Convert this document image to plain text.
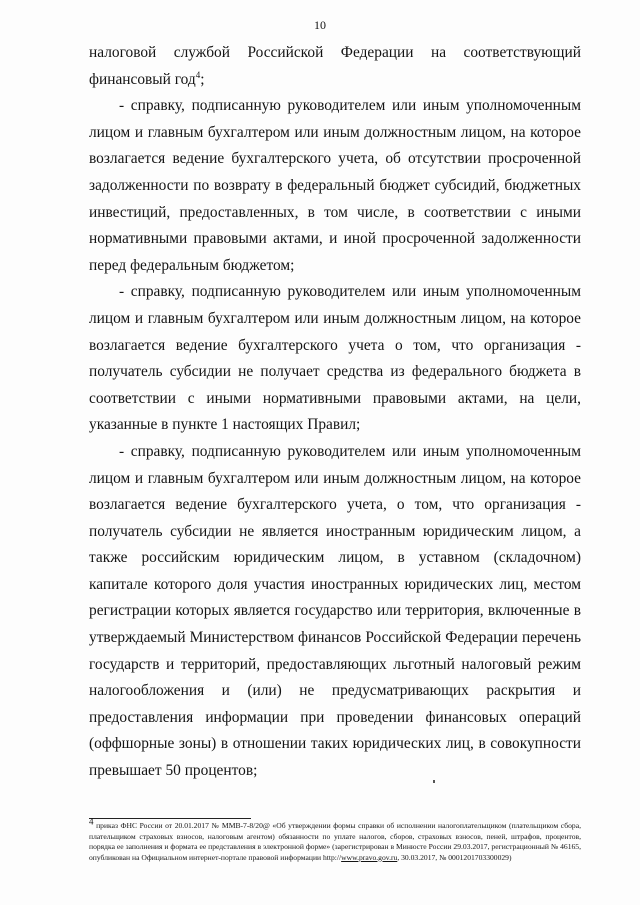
10

налоговой службой Российской Федерации на соответствующий

финансовый год$^4$;

- справку, подписанную руководителем или иным уполномоченным лицом и главным бухгалтером или иным должностным лицом, на которое возлагается ведение бухгалтерского учета, об отсутствии просроченной задолженности по возврату в федеральный бюджет субсидий, бюджетных инвестиций, предоставленных, в том числе, в соответствии с иными нормативными правовыми актами, и иной просроченной задолженности перед федеральным бюджетом;

- справку, подписанную руководителем или иным уполномоченным лицом и главным бухгалтером или иным должностным лицом, на которое возлагается ведение бухгалтерского учета о том, что организация - получатель субсидии не получает средства из федерального бюджета в соответствии с иными нормативными правовыми актами, на цели, указанные в пункте 1 настоящих Правил;

- справку, подписанную руководителем или иным уполномоченным лицом и главным бухгалтером или иным должностным лицом, на которое возлагается ведение бухгалтерского учета, о том, что организация - получатель субсидии не является иностранным юридическим лицом, а также российским юридическим лицом, в уставном (складочном) капитале которого доля участия иностранных юридических лиц, местом регистрации которых является государство или территория, включенные в утверждаемый Министерством финансов Российской Федерации перечень государств и территорий, предоставляющих льготный налоговый режим налогообложения и (или) не предусматривающих раскрытия и предоставления информации при проведении финансовых операций (оффшорные зоны) в отношении таких юридических лиц, в совокупности превышает 50 процентов;

4 приказ ФНС России от 20.01.2017 № ММВ-7-8/20@ «Об утверждении формы справки об исполнении налогоплательщиком (плательщиком сбора, плательщиком страховых взносов, налоговым агентом) обязанности по уплате налогов, сборов, страховых взносов, пеней, штрафов, процентов, порядка ее заполнения и формата ее представления в электронной форме» (зарегистрирован в Минюсте России 29.03.2017, регистрационный № 46165, опубликован на Официальном интернет-портале правовой информации http://www.pravo.gov.ru, 30.03.2017, № 0001201703300029)
